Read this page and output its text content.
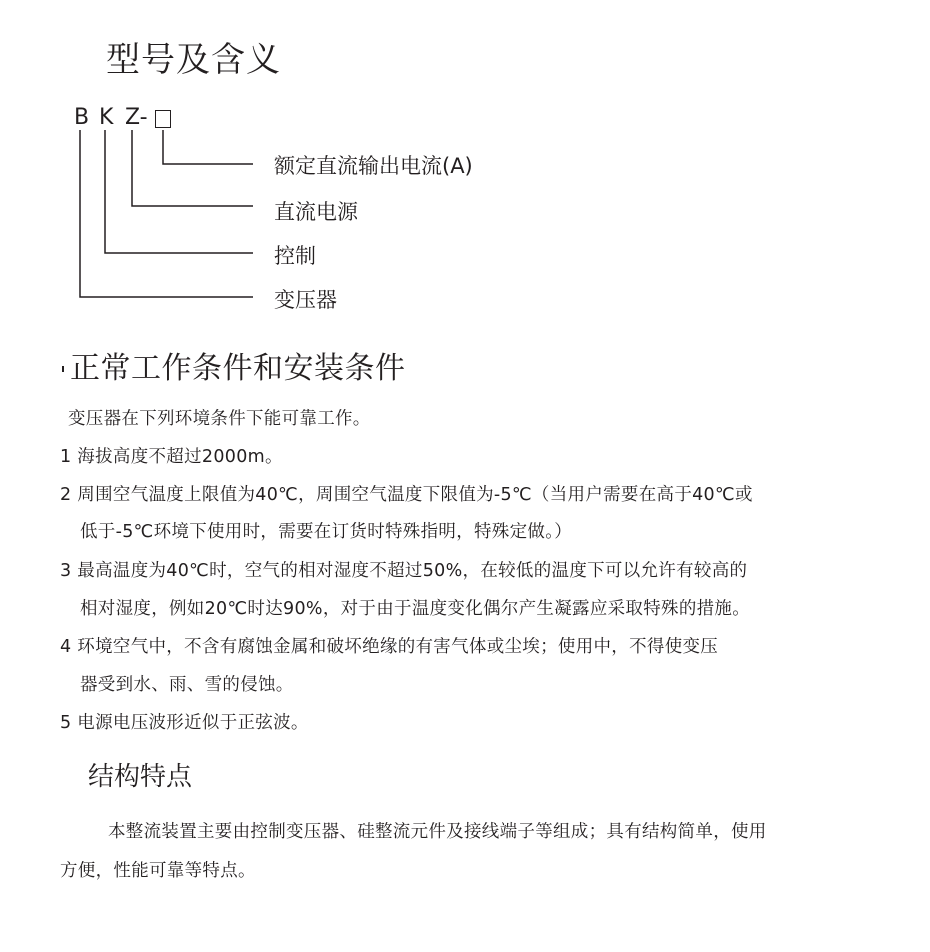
型号及含义
B K Z-
额定直流输出电流(A)
直流电源
控制
变压器
正常工作条件和安装条件
变压器在下列环境条件下能可靠工作。
1 海拔高度不超过2000m。
2 周围空气温度上限值为40℃，周围空气温度下限值为-5℃（当用户需要在高于40℃或
低于-5℃环境下使用时，需要在订货时特殊指明，特殊定做。）
3 最高温度为40℃时，空气的相对湿度不超过50%，在较低的温度下可以允许有较高的
相对湿度，例如20℃时达90%，对于由于温度变化偶尔产生凝露应采取特殊的措施。
4 环境空气中，不含有腐蚀金属和破坏绝缘的有害气体或尘埃；使用中，不得使变压
器受到水、雨、雪的侵蚀。
5 电源电压波形近似于正弦波。
结构特点
本整流装置主要由控制变压器、硅整流元件及接线端子等组成；具有结构简单，使用
方便，性能可靠等特点。
